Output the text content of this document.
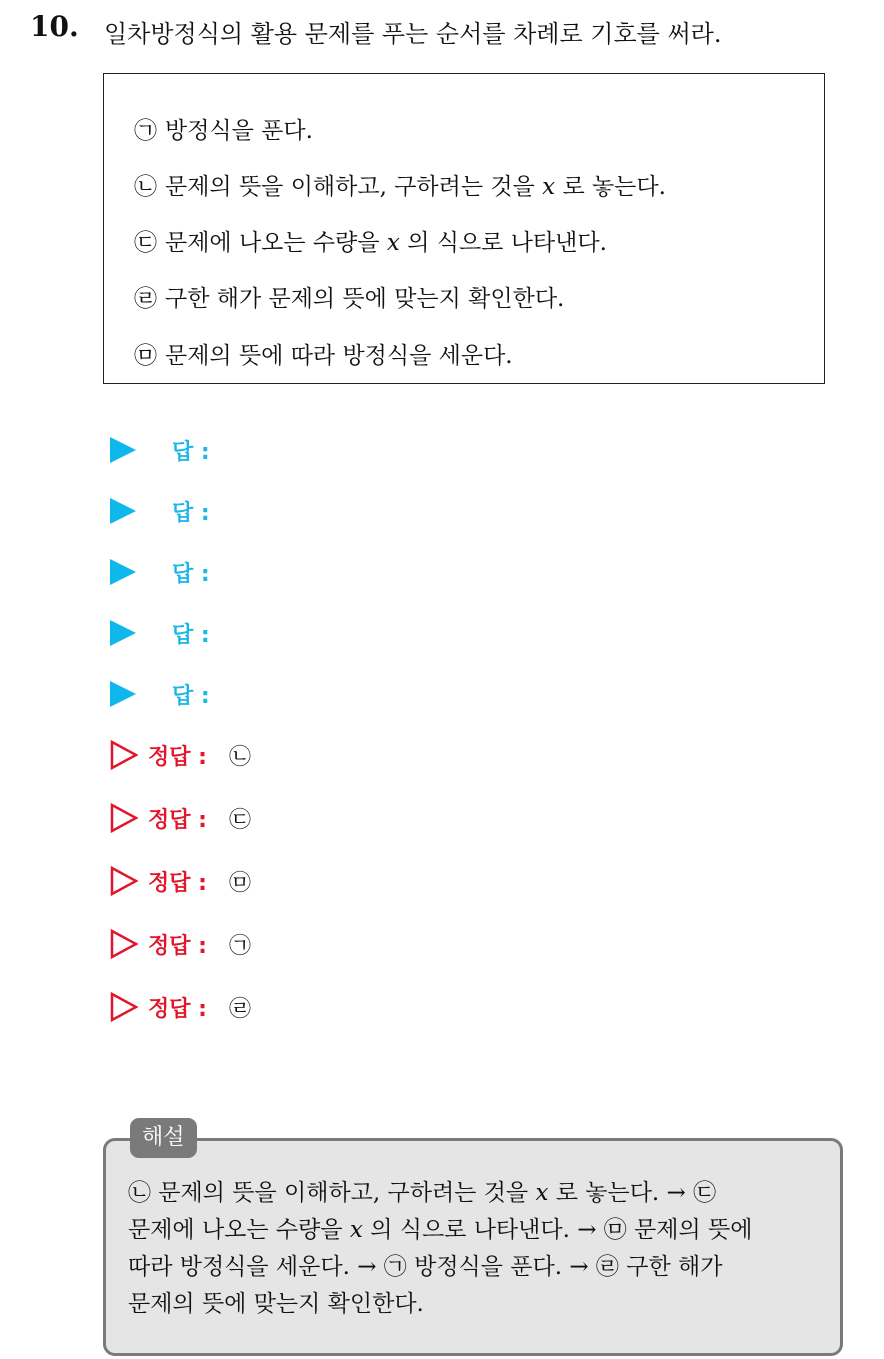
10. 일차방정식의 활용 문제를 푸는 순서를 차례로 기호를 써라.
㉠ 방정식을 푼다.
㉡ 문제의 뜻을 이해하고, 구하려는 것을 x 로 놓는다.
㉢ 문제에 나오는 수량을 x 의 식으로 나타낸다.
㉣ 구한 해가 문제의 뜻에 맞는지 확인한다.
㉤ 문제의 뜻에 따라 방정식을 세운다.
답 :
답 :
답 :
답 :
답 :
정답 : ㉡
정답 : ㉢
정답 : ㉤
정답 : ㉠
정답 : ㉣
해설
㉡ 문제의 뜻을 이해하고, 구하려는 것을 x 로 놓는다. → ㉢
문제에 나오는 수량을 x 의 식으로 나타낸다. → ㉤ 문제의 뜻에
따라 방정식을 세운다. → ㉠ 방정식을 푼다. → ㉣ 구한 해가
문제의 뜻에 맞는지 확인한다.
